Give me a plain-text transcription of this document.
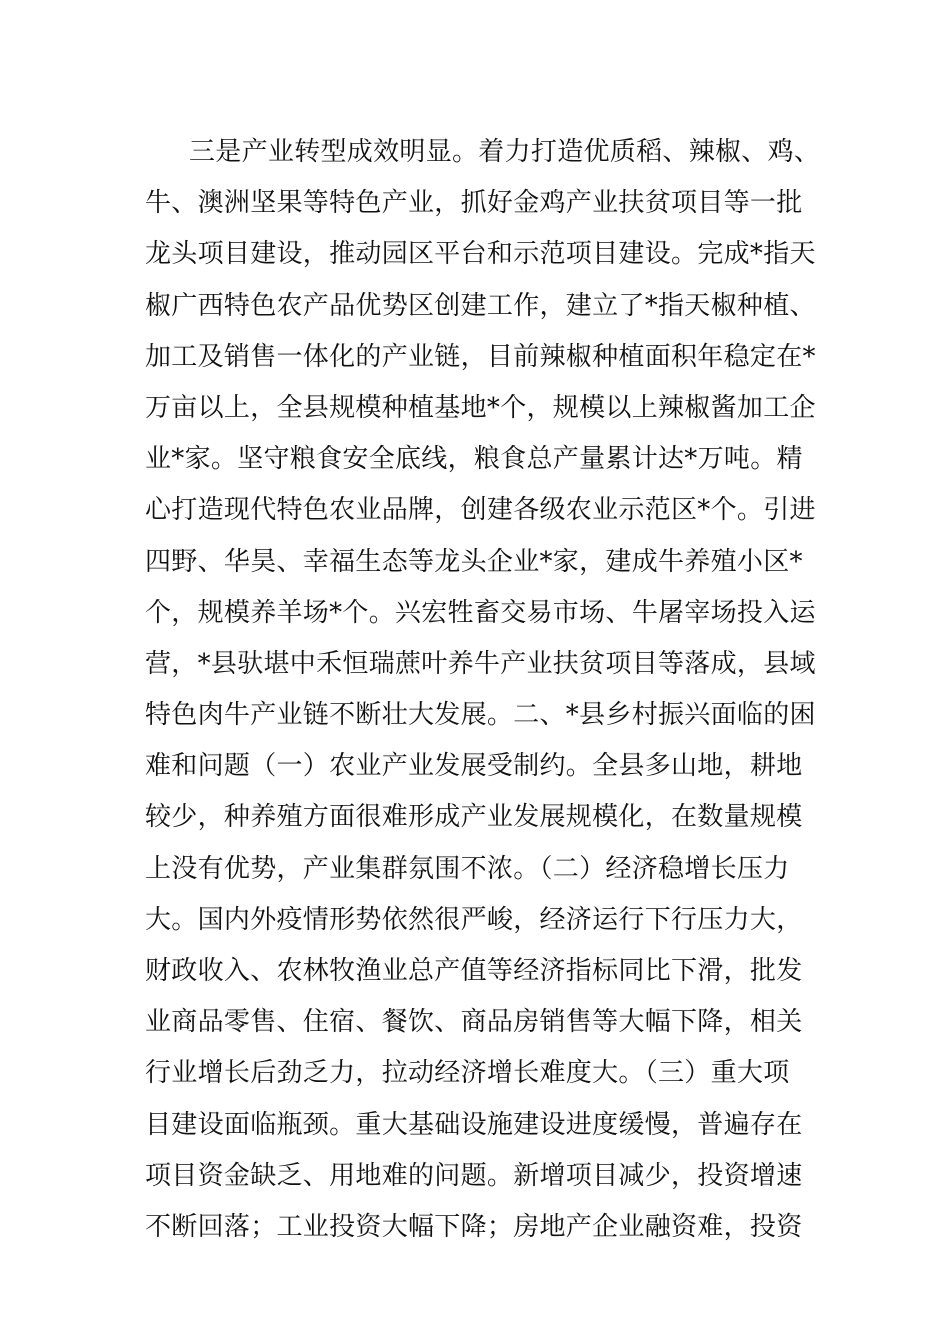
三是产业转型成效明显。着力打造优质稻、辣椒、鸡、
牛、澳洲坚果等特色产业，抓好金鸡产业扶贫项目等一批
龙头项目建设，推动园区平台和示范项目建设。完成*指天
椒广西特色农产品优势区创建工作，建立了*指天椒种植、
加工及销售一体化的产业链，目前辣椒种植面积年稳定在*
万亩以上，全县规模种植基地*个，规模以上辣椒酱加工企
业*家。坚守粮食安全底线，粮食总产量累计达*万吨。精
心打造现代特色农业品牌，创建各级农业示范区*个。引进
四野、华昊、幸福生态等龙头企业*家，建成牛养殖小区*
个，规模养羊场*个。兴宏牲畜交易市场、牛屠宰场投入运
营，*县驮堪中禾恒瑞蔗叶养牛产业扶贫项目等落成，县域
特色肉牛产业链不断壮大发展。二、*县乡村振兴面临的困
难和问题（一）农业产业发展受制约。全县多山地，耕地
较少，种养殖方面很难形成产业发展规模化，在数量规模
上没有优势，产业集群氛围不浓。（二）经济稳增长压力
大。国内外疫情形势依然很严峻，经济运行下行压力大，
财政收入、农林牧渔业总产值等经济指标同比下滑，批发
业商品零售、住宿、餐饮、商品房销售等大幅下降，相关
行业增长后劲乏力，拉动经济增长难度大。（三）重大项
目建设面临瓶颈。重大基础设施建设进度缓慢，普遍存在
项目资金缺乏、用地难的问题。新增项目减少，投资增速
不断回落；工业投资大幅下降；房地产企业融资难，投资
